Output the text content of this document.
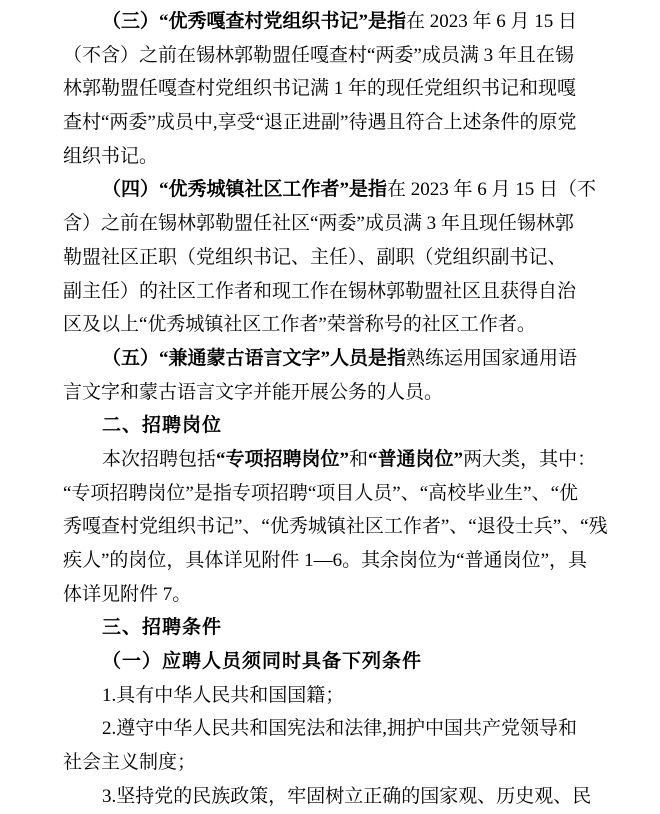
（三）“优秀嘎查村党组织书记”是指在 2023 年 6 月 15 日
（不含）之前在锡林郭勒盟任嘎查村“两委”成员满 3 年且在锡
林郭勒盟任嘎查村党组织书记满 1 年的现任党组织书记和现嘎
查村“两委”成员中,享受“退正进副”待遇且符合上述条件的原党
组织书记。
（四）“优秀城镇社区工作者”是指在 2023 年 6 月 15 日（不
含）之前在锡林郭勒盟任社区“两委”成员满 3 年且现任锡林郭
勒盟社区正职（党组织书记、主任）、副职（党组织副书记、
副主任）的社区工作者和现工作在锡林郭勒盟社区且获得自治
区及以上“优秀城镇社区工作者”荣誉称号的社区工作者。
（五）“兼通蒙古语言文字”人员是指熟练运用国家通用语
言文字和蒙古语言文字并能开展公务的人员。
二、招聘岗位
本次招聘包括“专项招聘岗位”和“普通岗位”两大类，其中：
“专项招聘岗位”是指专项招聘“项目人员”、“高校毕业生”、“优
秀嘎查村党组织书记”、“优秀城镇社区工作者”、“退役士兵”、“残
疾人”的岗位，具体详见附件 1—6。其余岗位为“普通岗位”，具
体详见附件 7。
三、招聘条件
（一）应聘人员须同时具备下列条件
1.具有中华人民共和国国籍；
2.遵守中华人民共和国宪法和法律,拥护中国共产党领导和
社会主义制度；
3.坚持党的民族政策，牢固树立正确的国家观、历史观、民
